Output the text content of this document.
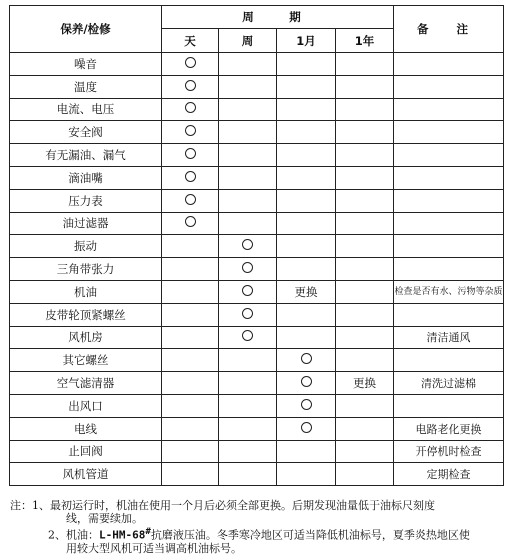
保养/检修	周　期				备 注
	天	周	1月	1年	
噪音					
温度					
电流、电压					
安全阀					
有无漏油、漏气					
滴油嘴					
压力表					
油过滤器					
振动					
三角带张力					
机油			更换		检查是否有水、污物等杂质
皮带轮顶紧螺丝					
风机房					清洁通风
其它螺丝					
空气滤清器				更换	清洗过滤棉
出风口					
电线					电路老化更换
止回阀					开停机时检查
风机管道					定期检查
注：1、最初运行时，机油在使用一个月后必须全部更换。后期发现油量低于油标尺刻度
线，需要续加。
2、机油：L-HM-68#抗磨液压油。冬季寒冷地区可适当降低机油标号，夏季炎热地区使
用较大型风机可适当调高机油标号。
